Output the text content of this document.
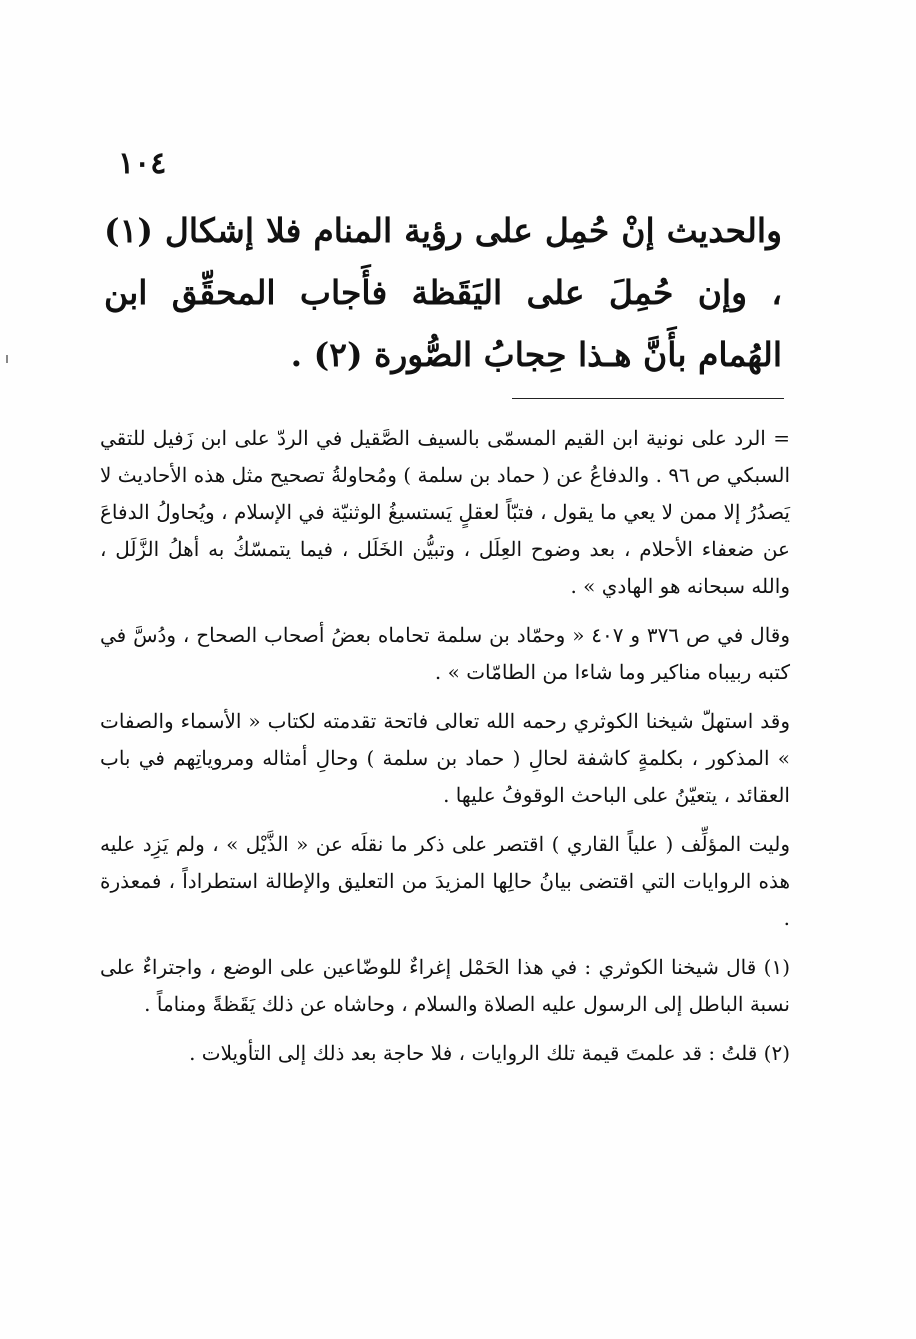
١٠٤
والحديث إنْ حُمِل على رؤية المنام فلا إشكال (١) ، وإن حُمِلَ على اليَقَظة فأَجاب المحقِّق ابن الهُمام بأَنَّ هـذا حِجابُ الصُّورة (٢) .

= الرد على نونية ابن القيم المسمّى بالسيف الصَّقيل في الردّ على ابن زَفيل للتقي السبكي ص ٩٦ . والدفاعُ عن ( حماد بن سلمة ) ومُحاولةُ تصحيح مثل هذه الأحاديث لا يَصدُرُ إلا ممن لا يعي ما يقول ، فتبّاً لعقلٍ يَستسيغُ الوثنيّة في الإسلام ، ويُحاولُ الدفاعَ عن ضعفاء الأحلام ، بعد وضوح العِلَل ، وتبيُّن الخَلَل ، فيما يتمسّكُ به أهلُ الزَّلَل ، والله سبحانه هو الهادي » .

وقال في ص ٣٧٦ و ٤٠٧ « وحمّاد بن سلمة تحاماه بعضُ أصحاب الصحاح ، ودُسَّ في كتبه ربيباه مناكير وما شاءا من الطامّات » .

وقد استهلّ شيخنا الكوثري رحمه الله تعالى فاتحة تقدمته لكتاب « الأسماء والصفات » المذكور ، بكلمةٍ كاشفة لحالِ ( حماد بن سلمة ) وحالِ أمثاله ومروياتِهم في باب العقائد ، يتعيّنُ على الباحث الوقوفُ عليها .

وليت المؤلِّف ( علياً القاري ) اقتصر على ذكر ما نقلَه عن « الذَّيْل » ، ولم يَزِد عليه هذه الروايات التي اقتضى بيانُ حالِها المزيدَ من التعليق والإطالة استطراداً ، فمعذرة .

(١) قال شيخنا الكوثري : في هذا الحَمْل إغراءٌ للوضّاعين على الوضع ، واجتراءٌ على نسبة الباطل إلى الرسول عليه الصلاة والسلام ، وحاشاه عن ذلك يَقَظةً ومناماً .

(٢) قلتُ : قد علمتَ قيمة تلك الروايات ، فلا حاجة بعد ذلك إلى التأويلات .
